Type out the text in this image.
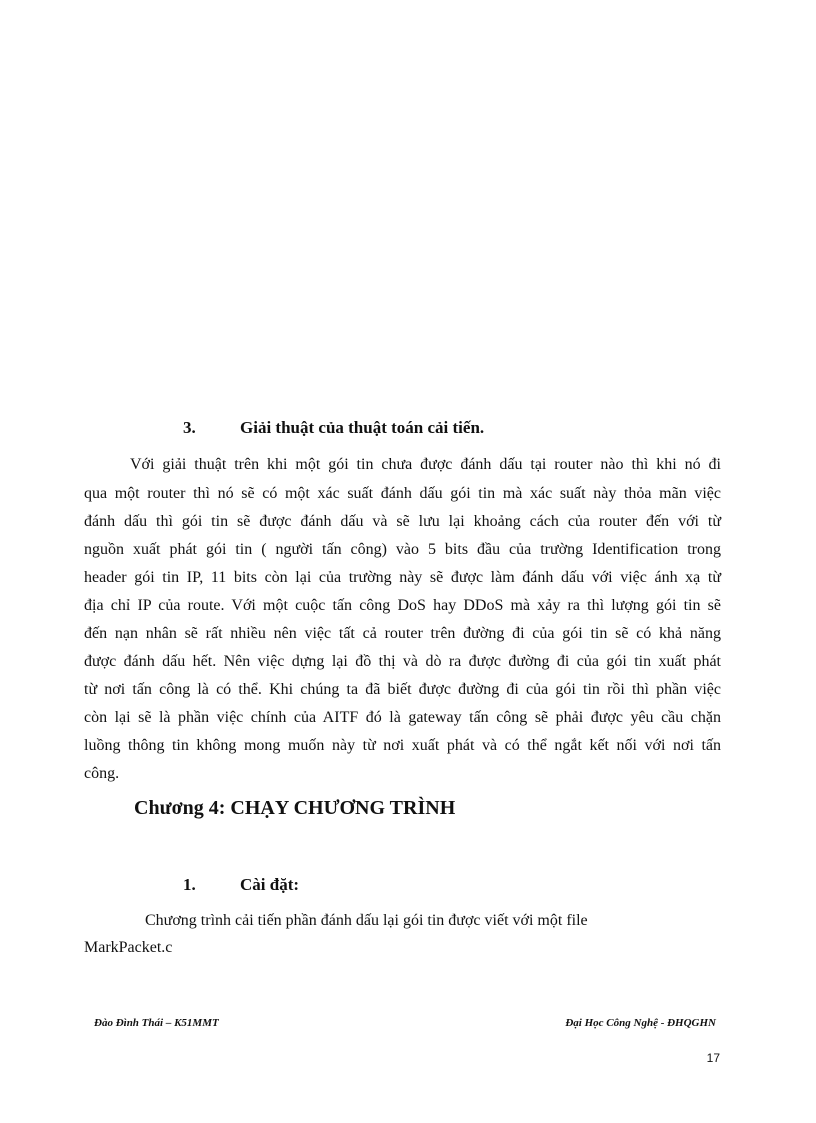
3.	Giải thuật của thuật toán cải tiến.
Với giải thuật trên khi một gói tin chưa được đánh dấu tại router nào thì khi nó đi
qua một router thì nó sẽ có một xác suất đánh dấu gói tin mà xác suất này thỏa mãn việc
đánh dấu thì gói tin sẽ được đánh dấu và sẽ lưu lại khoảng cách của router đến với từ
nguồn xuất phát gói tin ( người tấn công) vào 5 bits đầu của trường Identification trong
header gói tin IP, 11 bits còn lại của trường này sẽ được làm đánh dấu với việc ánh xạ từ
địa chỉ IP của route. Với một cuộc tấn công DoS hay DDoS mà xảy ra thì lượng gói tin sẽ
đến nạn nhân sẽ rất nhiều nên việc tất cả router trên đường đi của gói tin sẽ có khả năng
được đánh dấu hết. Nên việc dựng lại đồ thị và dò ra được đường đi của gói tin xuất phát
từ nơi tấn công là có thể. Khi chúng ta đã biết được đường đi của gói tin rồi thì phần việc
còn lại sẽ là phần việc chính của AITF đó là gateway tấn công sẽ phải được yêu cầu chặn
luồng thông tin không mong muốn này từ nơi xuất phát và có thể ngắt kết nối với nơi tấn
công.
Chương 4: CHẠY CHƯƠNG TRÌNH
1.	Cài đặt:
Chương trình cải tiến phần đánh dấu lại gói tin được viết với một file
MarkPacket.c
Đào Đình Thái – K51MMT	Đại Học Công Nghệ - ĐHQGHN
17
